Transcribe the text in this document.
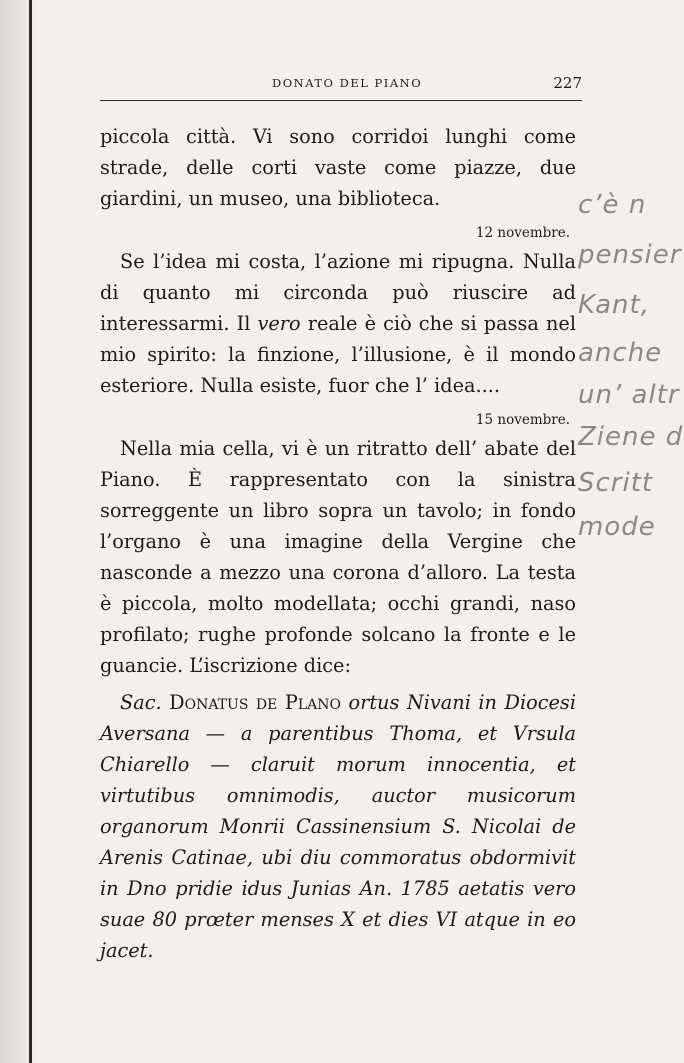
DONATO DEL PIANO	227

piccola città. Vi sono corridoi lunghi come strade, delle corti vaste come piazze, due giardini, un museo, una biblioteca.

12 novembre.

Se l’idea mi costa, l’azione mi ripugna. Nulla di quanto mi circonda può riuscire ad interessarmi. Il vero reale è ciò che si passa nel mio spirito: la finzione, l’illusione, è il mondo esteriore. Nulla esiste, fuor che l’ idea....

15 novembre.

Nella mia cella, vi è un ritratto dell’ abate del Piano. È rappresentato con la sinistra sorreggente un libro sopra un tavolo; in fondo l’organo è una imagine della Vergine che nasconde a mezzo una corona d’alloro. La testa è piccola, molto modellata; occhi grandi, naso profilato; rughe profonde solcano la fronte e le guancie. L’iscrizione dice:

Sac. Donatus de Plano ortus Nivani in Diocesi Aversana — a parentibus Thoma, et Vrsula Chiarello — claruit morum innocentia, et virtutibus omnimodis, auctor musicorum organorum Monrii Cassinensium S. Nicolai de Arenis Catinae, ubi diu commoratus obdormivit in Dno pridie idus Junias An. 1785 aetatis vero suae 80 prœter menses X et dies VI atque in eo jacet.

c’è n
pensier
Kant,
anche
un’ altr
Ziene d
Scritt
mode
